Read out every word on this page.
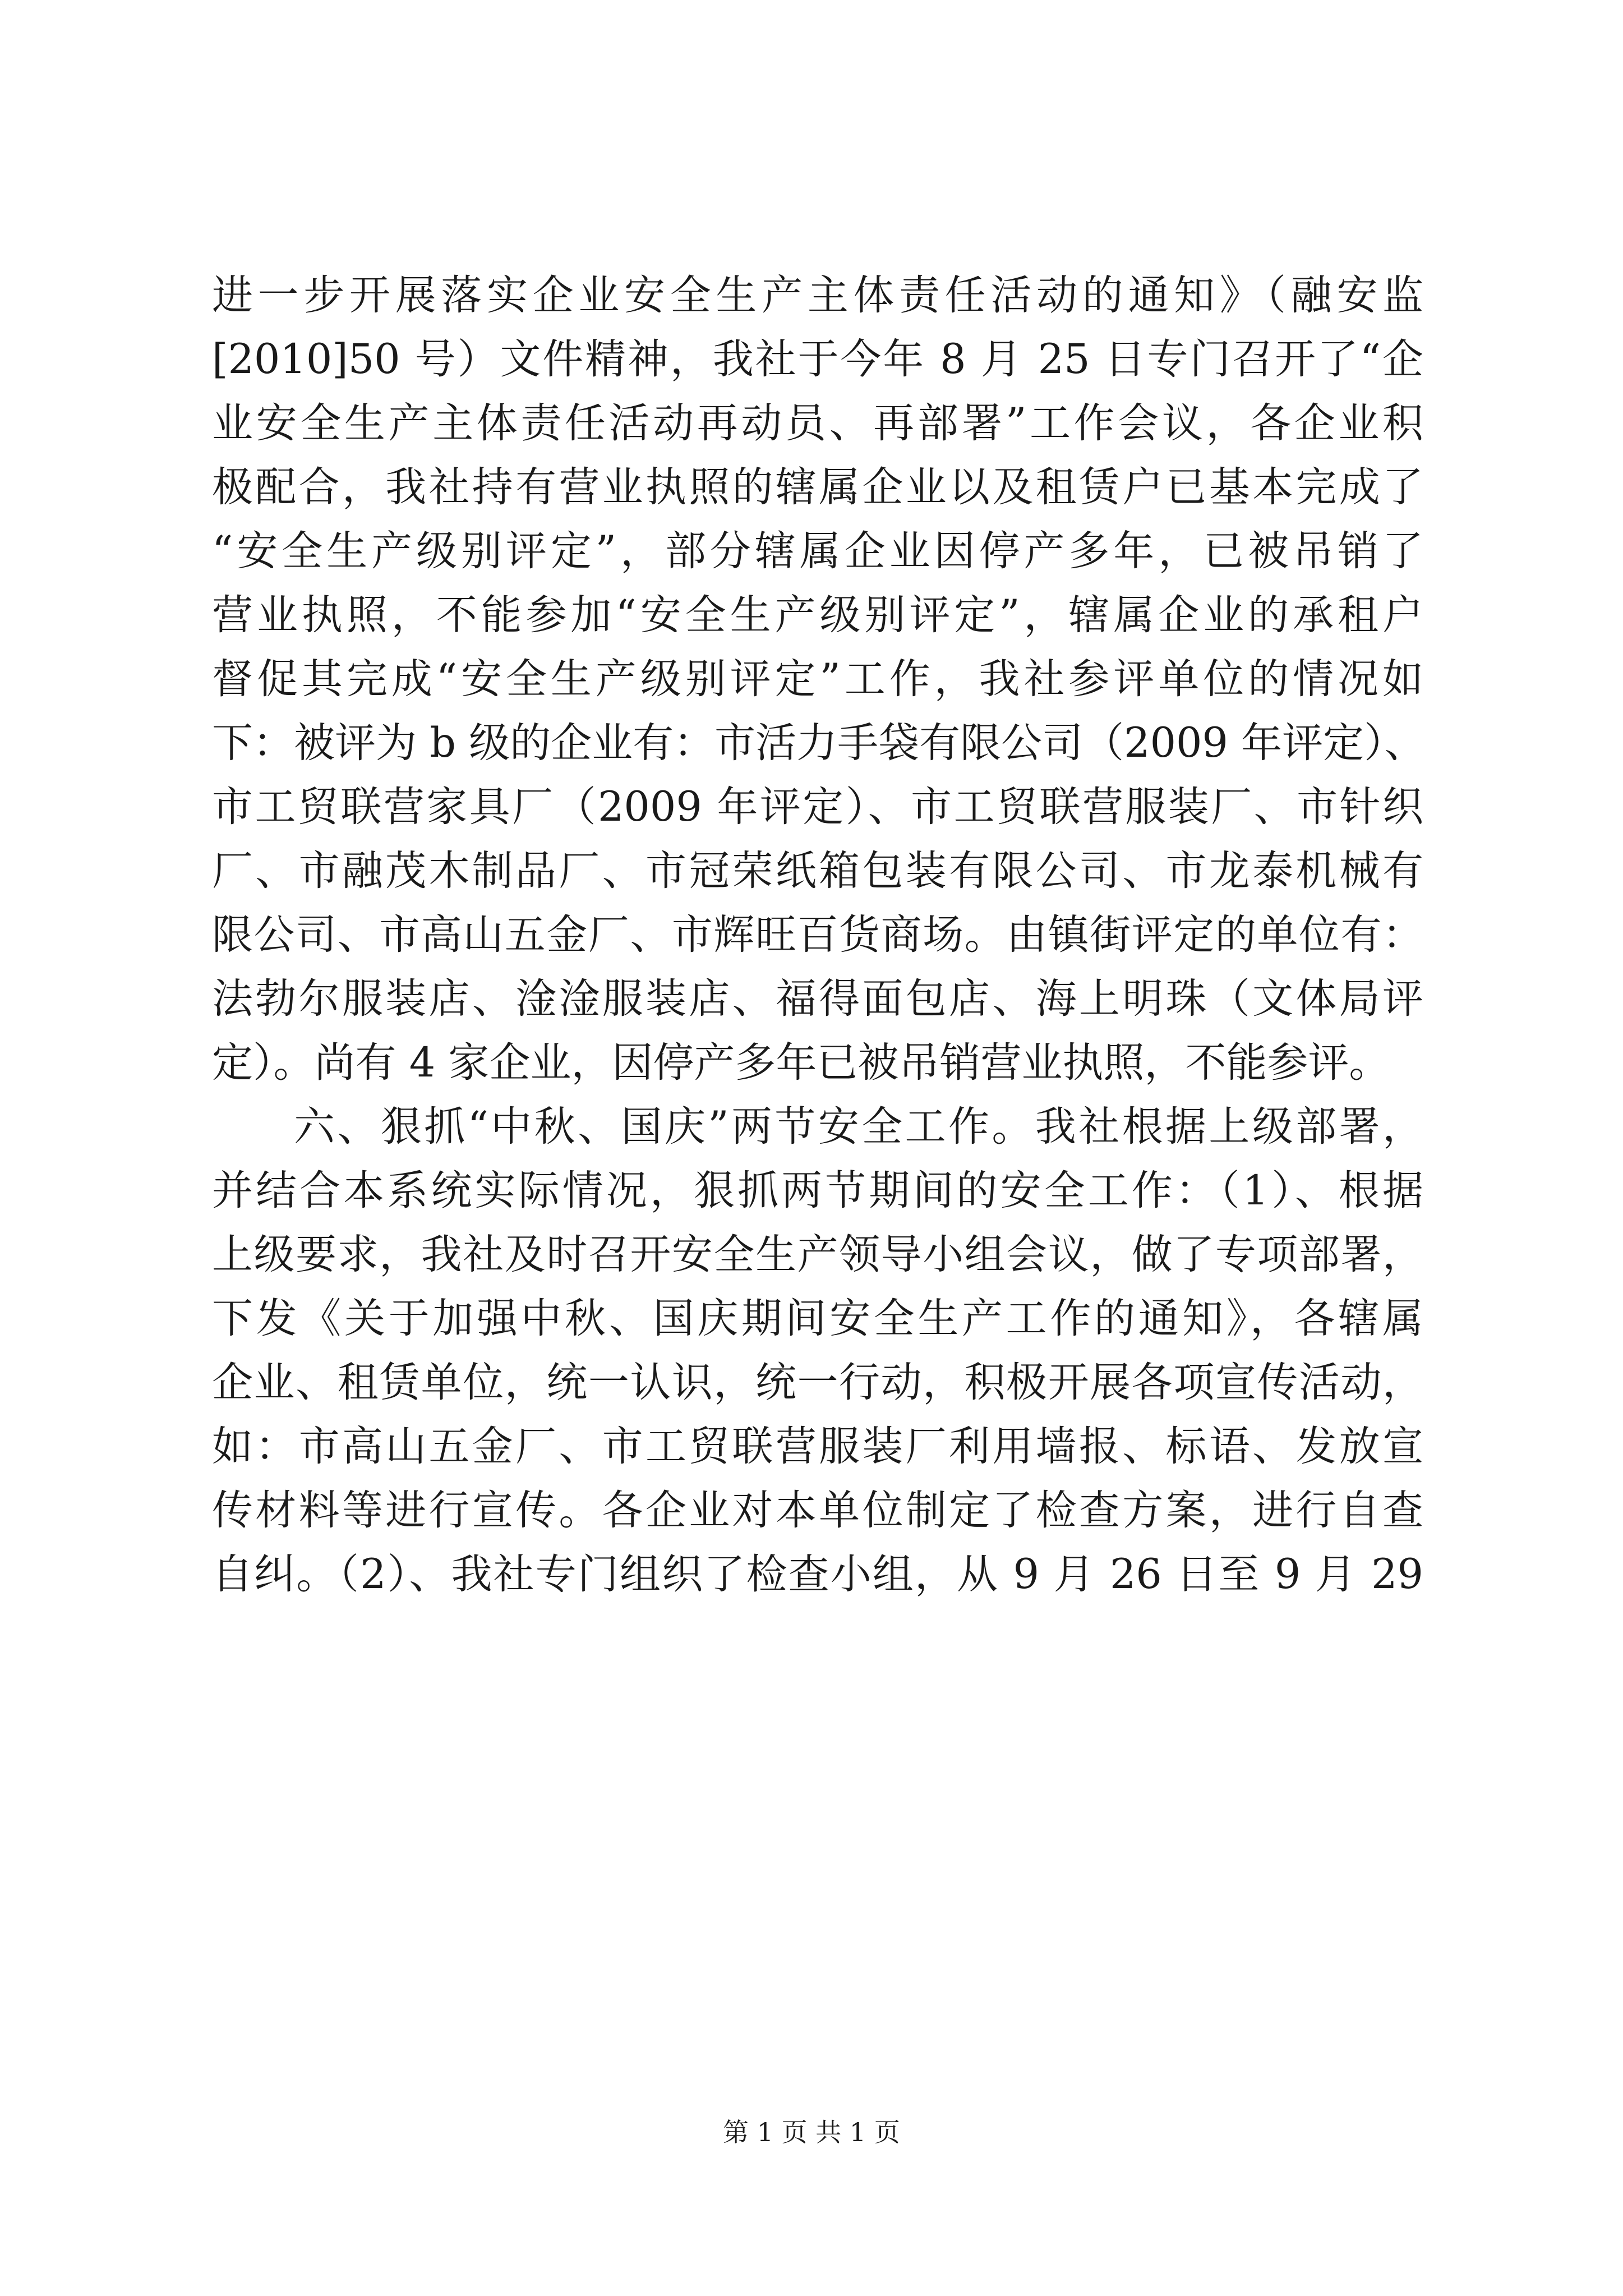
进一步开展落实企业安全生产主体责任活动的通知》（融安监
[2010]50 号）文件精神，我社于今年 8 月 25 日专门召开了“企
业安全生产主体责任活动再动员、再部署”工作会议，各企业积
极配合，我社持有营业执照的辖属企业以及租赁户已基本完成了
“安全生产级别评定”，部分辖属企业因停产多年，已被吊销了
营业执照，不能参加“安全生产级别评定”，辖属企业的承租户
督促其完成“安全生产级别评定”工作，我社参评单位的情况如
下：被评为 b 级的企业有：市活力手袋有限公司（2009 年评定）、
市工贸联营家具厂（2009 年评定）、市工贸联营服装厂、市针织
厂、市融茂木制品厂、市冠荣纸箱包装有限公司、市龙泰机械有
限公司、市高山五金厂、市辉旺百货商场。由镇街评定的单位有：
法勃尔服装店、淦淦服装店、福得面包店、海上明珠（文体局评
定）。尚有 4 家企业，因停产多年已被吊销营业执照，不能参评。
六、狠抓“中秋、国庆”两节安全工作。我社根据上级部署，
并结合本系统实际情况，狠抓两节期间的安全工作：（1）、根据
上级要求，我社及时召开安全生产领导小组会议，做了专项部署，
下发《关于加强中秋、国庆期间安全生产工作的通知》，各辖属
企业、租赁单位，统一认识，统一行动，积极开展各项宣传活动，
如：市高山五金厂、市工贸联营服装厂利用墙报、标语、发放宣
传材料等进行宣传。各企业对本单位制定了检查方案，进行自查
自纠。（2）、我社专门组织了检查小组，从 9 月 26 日至 9 月 29
第 1 页 共 1 页
